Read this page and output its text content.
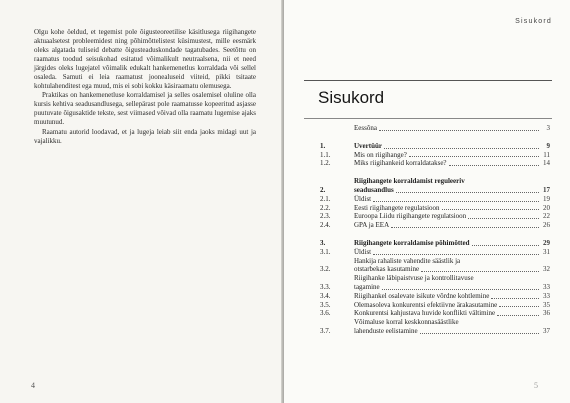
Olgu kohe öeldud, et tegemist pole õigusteoreetilise käsitlusega riigihangete aktuaalsetest probleemidest ning põhimõttelistest küsimustest, mille eesmärk oleks algatada tuliseid debatte õigusteaduskondade tagatubades. Seetõttu on raamatus toodud seisukohad esitatud võimalikult neutraalsena, nii et need järgides oleks lugejatel võimalik edukalt hankemenetlus korraldada või sellel osaleda. Samuti ei leia raamatust joonealuseid viiteid, pikki tsitaate kohtulahenditest ega muud, mis ei sobi kokku käsiraamatu olemusega.

Praktikas on hankemenetluse korraldamisel ja selles osalemisel oluline olla kursis kehtiva seadusandlusega, sellepärast pole raamatusse kopeeritud asjasse puutuvate õigusaktide tekste, sest viimased võivad olla raamatu lugemise ajaks muutunud.

Raamatu autorid loodavad, et ja lugeja leiab siit enda jaoks midagi uut ja vajalikku.

4
Sisukord
Sisukord
Eessõna	3
1.	Uvertüür	9
1.1.	Mis on riigihange?	11
1.2.	Miks riigihankeid korraldatakse?	14
2.
Riigihangete korraldamist reguleeriv
seadusandlus	17
2.1.	Üldist	19
2.2.	Eesti riigihangete regulatsioon	20
2.3.	Euroopa Liidu riigihangete regulatsioon	22
2.4.	GPA ja EEA	26
3.	Riigihangete korraldamise põhimõtted	29
3.1.	Üldist	31
3.2.
Hankija rahaliste vahendite säästlik ja
otstarbekas kasutamine	32
3.3.
Riigihanke läbipaistvuse ja kontrollitavuse
tagamine	33
3.4.	Riigihankel osalevate isikute võrdne kohtlemine	33
3.5.	Olemasoleva konkurentsi efektiivne ärakasutamine	35
3.6.	Konkurentsi kahjustava huvide konflikti vältimine	36
3.7.
Võimaluse korral keskkonnasäästlike
lahenduste eelistamine	37
5
